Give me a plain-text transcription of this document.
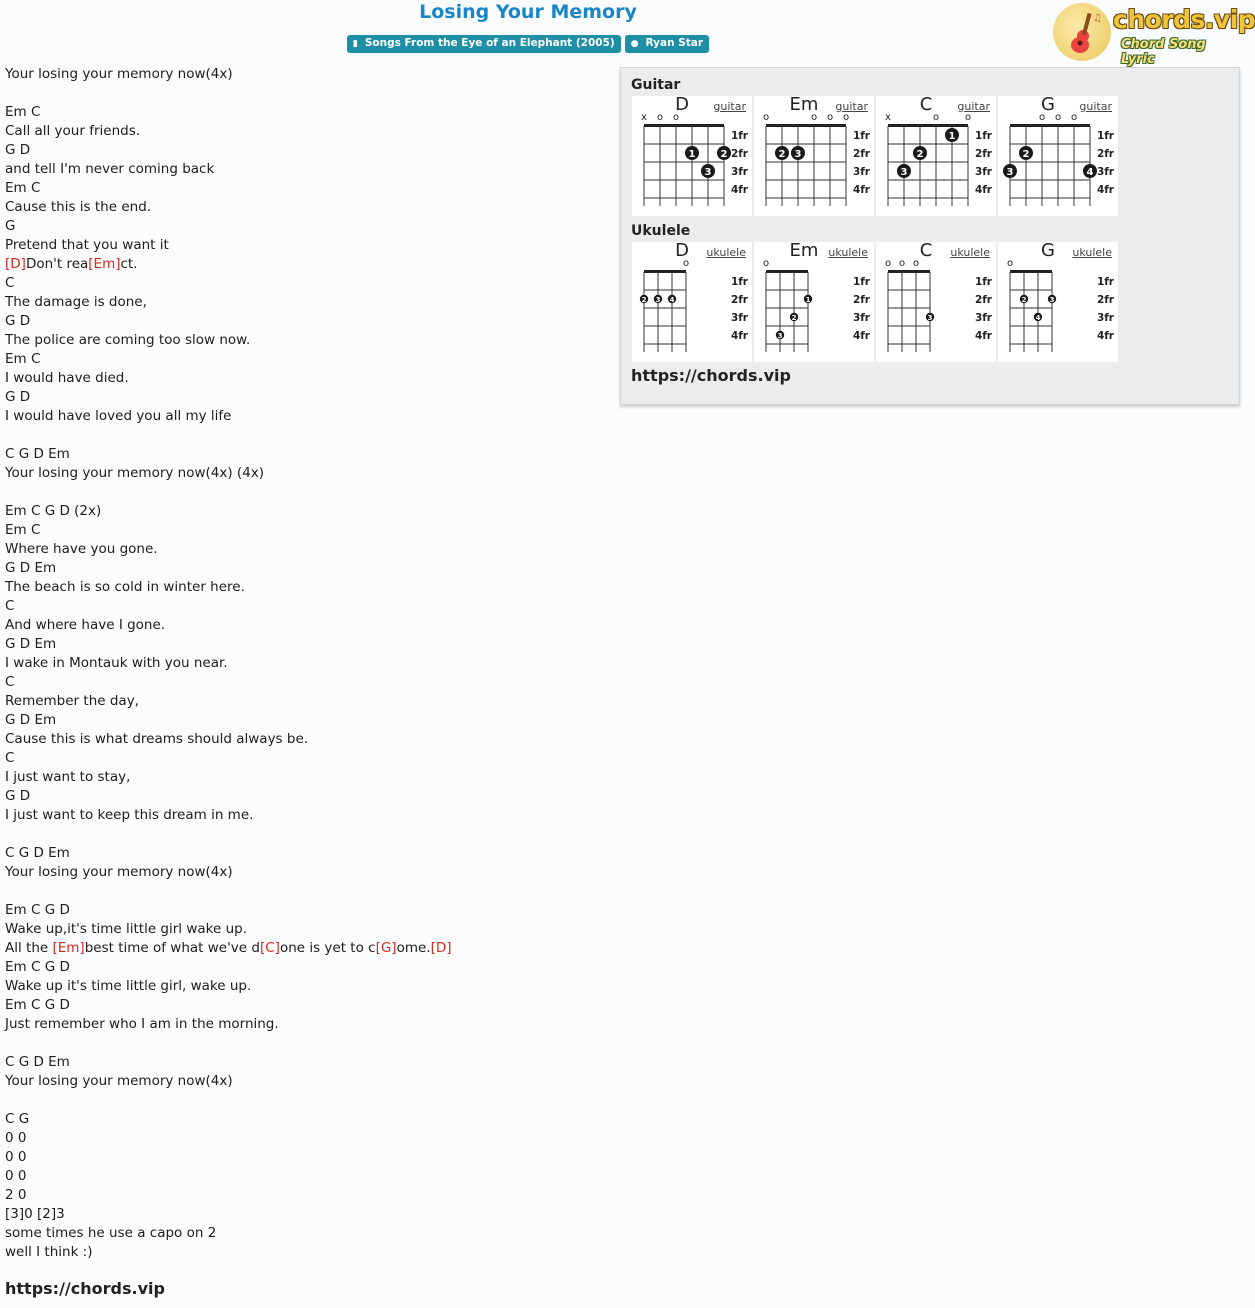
Losing Your Memory
▮ Songs From the Eye of an Elephant (2005) ● Ryan Star
♫ chords.vip
Chord Song Lyric
Your losing your memory now(4x)

Em C
Call all your friends.
G D
and tell I'm never coming back
Em C
Cause this is the end.
G
Pretend that you want it
[D]Don't rea[Em]ct.
C
The damage is done,
G D
The police are coming too slow now.
Em C
I would have died.
G D
I would have loved you all my life

C G D Em
Your losing your memory now(4x) (4x)

Em C G D (2x)
Em C
Where have you gone.
G D Em
The beach is so cold in winter here.
C
And where have I gone.
G D Em
I wake in Montauk with you near.
C
Remember the day,
G D Em
Cause this is what dreams should always be.
C
I just want to stay,
G D
I just want to keep this dream in me.

C G D Em
Your losing your memory now(4x)

Em C G D
Wake up,it's time little girl wake up.
All the [Em]best time of what we've d[C]one is yet to c[G]ome.[D]
Em C G D
Wake up it's time little girl, wake up.
Em C G D
Just remember who I am in the morning.

C G D Em
Your losing your memory now(4x)

C G
0 0
0 0
0 0
2 0
[3]0 [2]3
some times he use a capo on 2
well I think :)
https://chords.vip
Guitar
x o o
1fr
2fr
3fr
4fr
1	2
3
D	guitar
o	o o o
1fr
2fr
3fr
4fr
2 3
Em	guitar
x	o	o
1fr
2fr
3fr
4fr
1
2
3
C	guitar
o o o
1fr
2fr
3fr
4fr
2
3	4
G	guitar
Ukulele
o
1fr
2fr
3fr
4fr
2 3 4
D	ukulele
o
1fr
2fr
3fr
4fr
1
2
3
Em ukulele
o o o
1fr
2fr
3fr
4fr
3
C	ukulele
o
1fr
2fr
3fr
4fr
2	3
4
G	ukulele
https://chords.vip
